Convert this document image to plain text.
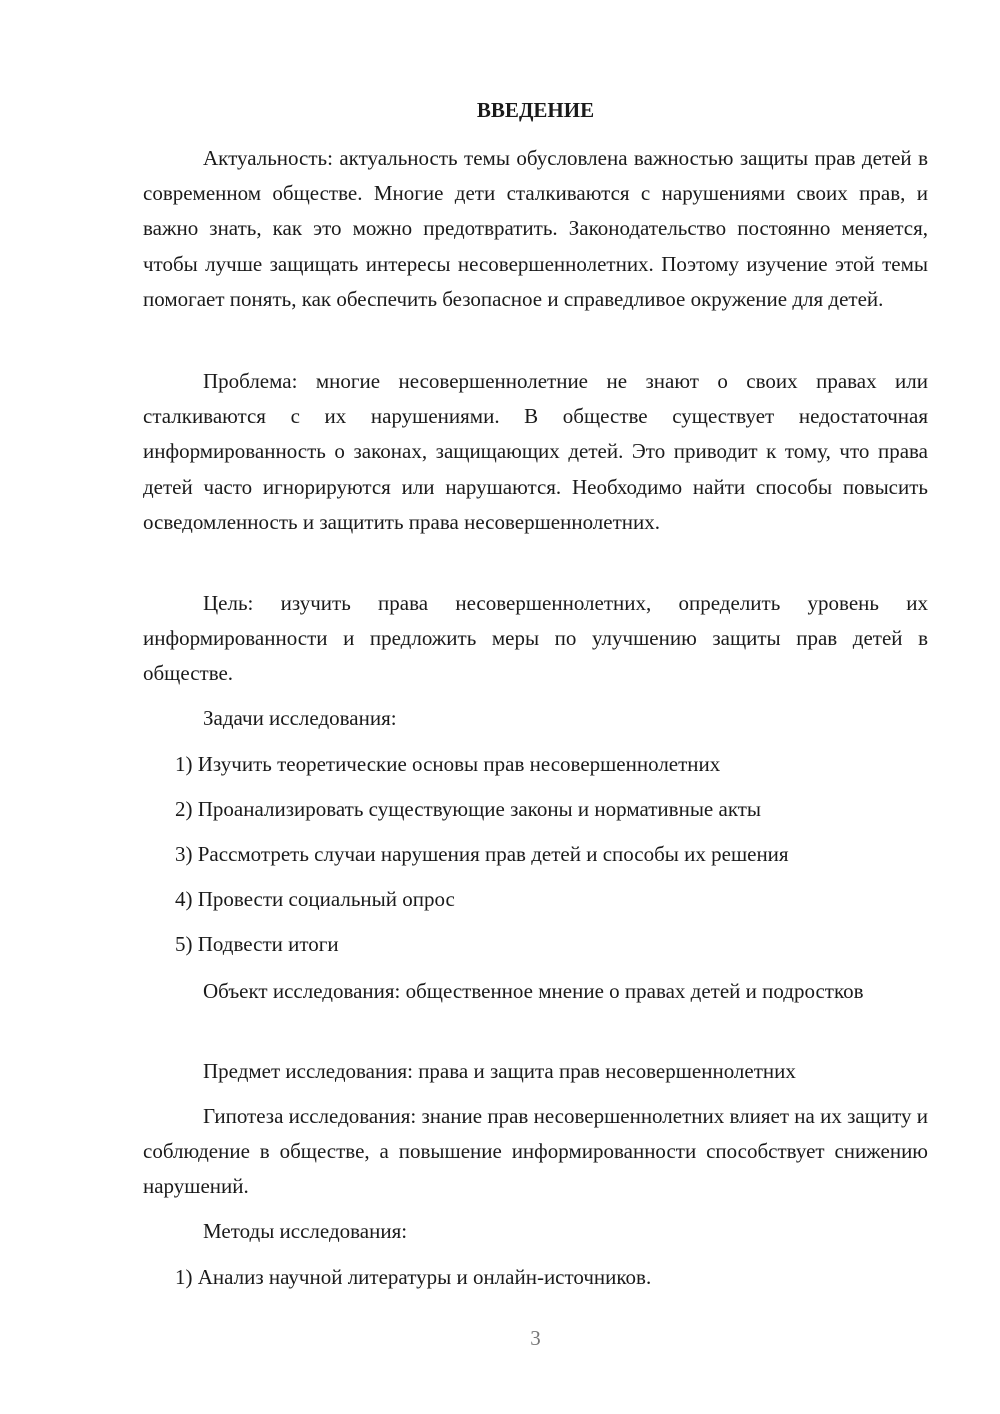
ВВЕДЕНИЕ

Актуальность: актуальность темы обусловлена важностью защиты прав детей в современном обществе. Многие дети сталкиваются с нарушениями своих прав, и важно знать, как это можно предотвратить. Законодательство постоянно меняется, чтобы лучше защищать интересы несовершеннолетних. Поэтому изучение этой темы помогает понять, как обеспечить безопасное и справедливое окружение для детей.

Проблема: многие несовершеннолетние не знают о своих правах или сталкиваются с их нарушениями. В обществе существует недостаточная информированность о законах, защищающих детей. Это приводит к тому, что права детей часто игнорируются или нарушаются. Необходимо найти способы повысить осведомленность и защитить права несовершеннолетних.

Цель: изучить права несовершеннолетних, определить уровень их информированности и предложить меры по улучшению защиты прав детей в обществе.

Задачи исследования:

1) Изучить теоретические основы прав несовершеннолетних

2) Проанализировать существующие законы и нормативные акты

3) Рассмотреть случаи нарушения прав детей и способы их решения

4) Провести социальный опрос

5) Подвести итоги

Объект исследования: общественное мнение о правах детей и подростков

Предмет исследования: права и защита прав несовершеннолетних

Гипотеза исследования: знание прав несовершеннолетних влияет на их защиту и соблюдение в обществе, а повышение информированности способствует снижению нарушений.

Методы исследования:

1) Анализ научной литературы и онлайн-источников.

3
